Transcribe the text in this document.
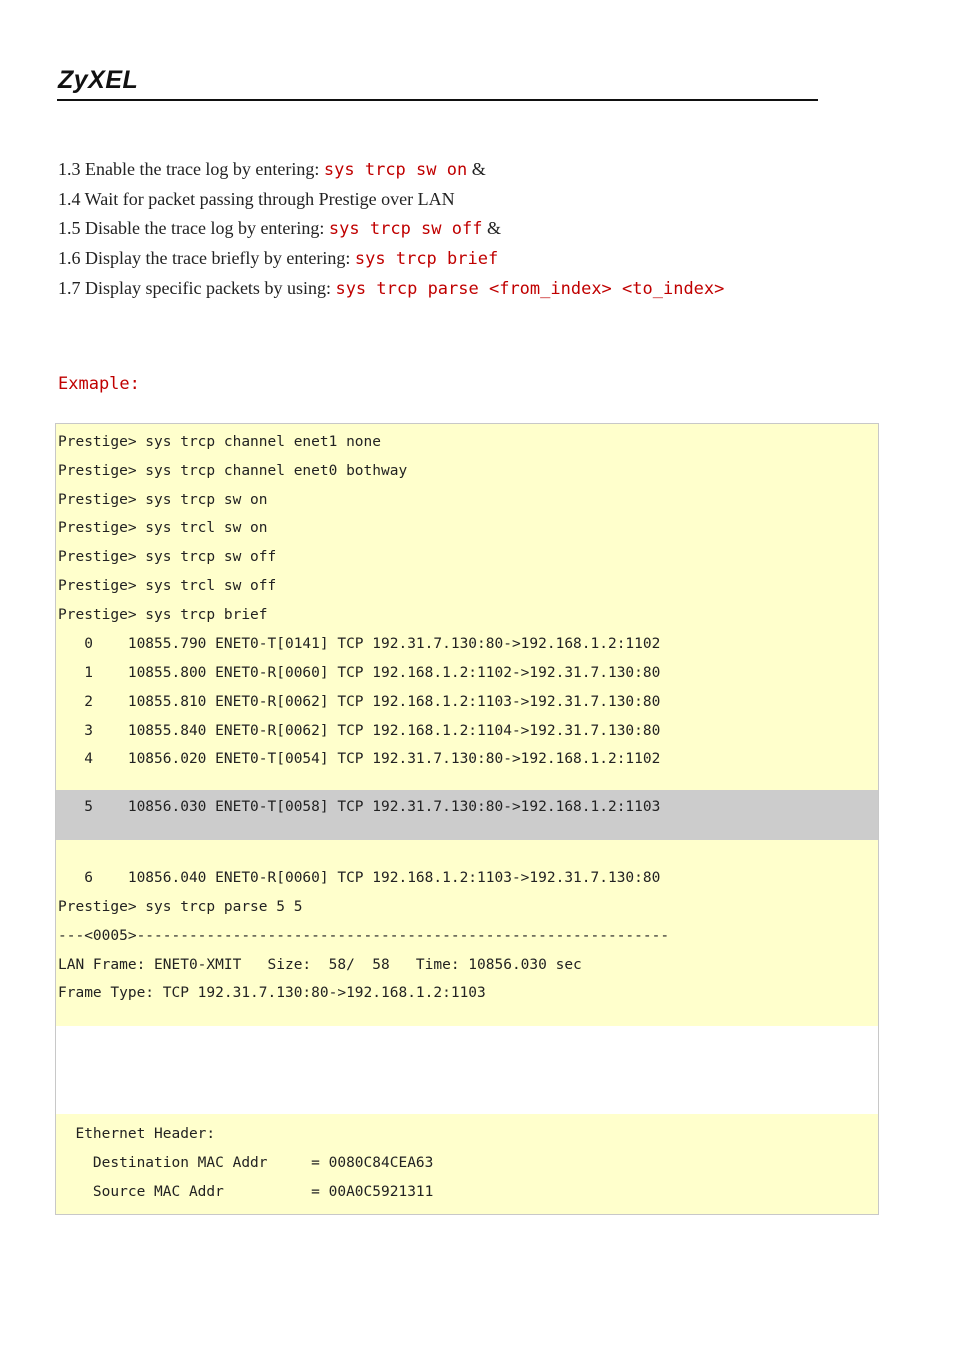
ZyXEL
1.3 Enable the trace log by entering: sys trcp sw on &
1.4 Wait for packet passing through Prestige over LAN
1.5 Disable the trace log by entering: sys trcp sw off &
1.6 Display the trace briefly by entering: sys trcp brief
1.7 Display specific packets by using: sys trcp parse <from_index> <to_index>
Exmaple:
Prestige> sys trcp channel enet1 none
Prestige> sys trcp channel enet0 bothway
Prestige> sys trcp sw on
Prestige> sys trcl sw on
Prestige> sys trcp sw off
Prestige> sys trcl sw off
Prestige> sys trcp brief
0    10855.790 ENET0-T[0141] TCP 192.31.7.130:80->192.168.1.2:1102
1    10855.800 ENET0-R[0060] TCP 192.168.1.2:1102->192.31.7.130:80
2    10855.810 ENET0-R[0062] TCP 192.168.1.2:1103->192.31.7.130:80
3    10855.840 ENET0-R[0062] TCP 192.168.1.2:1104->192.31.7.130:80
4    10856.020 ENET0-T[0054] TCP 192.31.7.130:80->192.168.1.2:1102
5    10856.030 ENET0-T[0058] TCP 192.31.7.130:80->192.168.1.2:1103
6    10856.040 ENET0-R[0060] TCP 192.168.1.2:1103->192.31.7.130:80
Prestige> sys trcp parse 5 5
---<0005>-------------------------------------------------------------
LAN Frame: ENET0-XMIT   Size:  58/  58   Time: 10856.030 sec
Frame Type: TCP 192.31.7.130:80->192.168.1.2:1103
Ethernet Header:
Destination MAC Addr     = 0080C84CEA63
Source MAC Addr          = 00A0C5921311
